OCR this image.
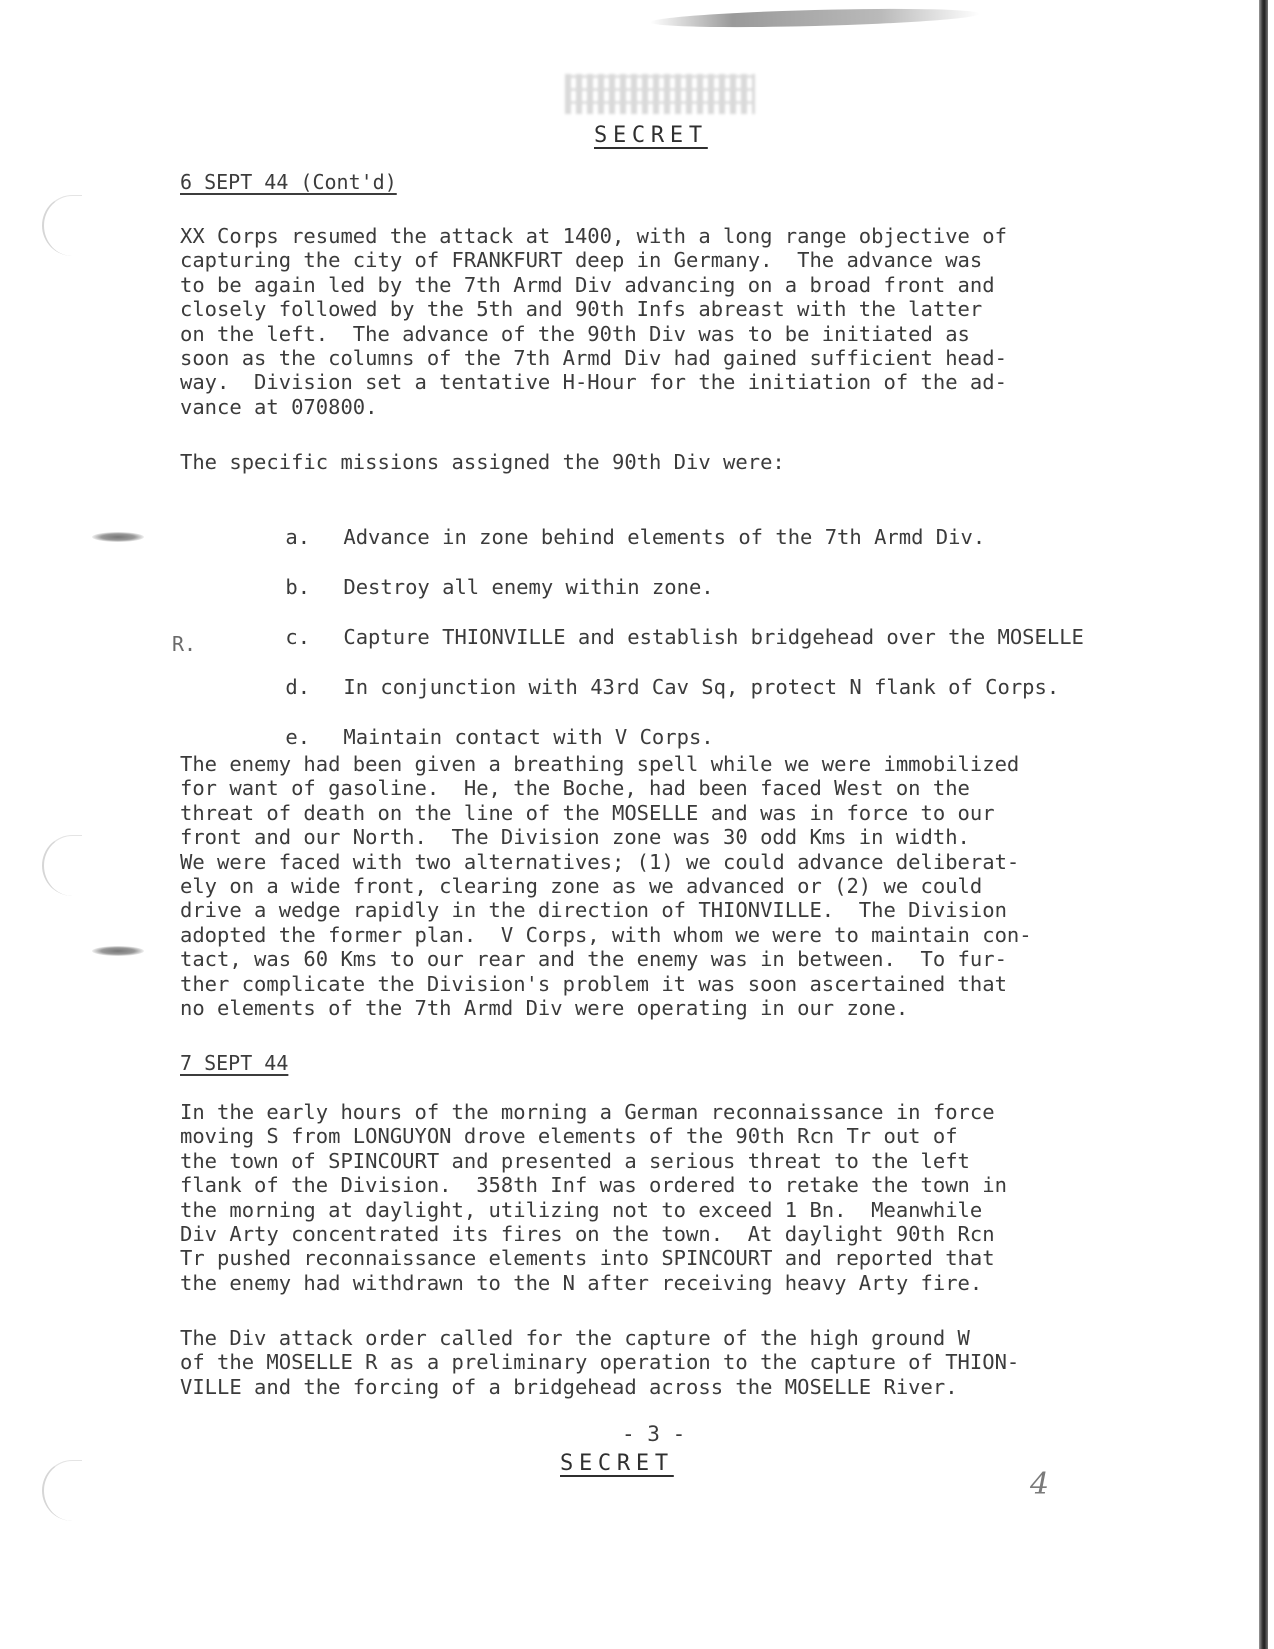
SECRET
6 SEPT 44 (Cont'd)
XX Corps resumed the attack at 1400, with a long range objective of
capturing the city of FRANKFURT deep in Germany.  The advance was
to be again led by the 7th Armd Div advancing on a broad front and
closely followed by the 5th and 90th Infs abreast with the latter
on the left.  The advance of the 90th Div was to be initiated as
soon as the columns of the 7th Armd Div had gained sufficient head-
way.  Division set a tentative H-Hour for the initiation of the ad-
vance at 070800.
The specific missions assigned the 90th Div were:

a. Advance in zone behind elements of the 7th Armd Div.

b. Destroy all enemy within zone.

c. Capture THIONVILLE and establish bridgehead over the MOSELLE

R.

d. In conjunction with 43rd Cav Sq, protect N flank of Corps.

e. Maintain contact with V Corps.

The enemy had been given a breathing spell while we were immobilized
for want of gasoline.  He, the Boche, had been faced West on the
threat of death on the line of the MOSELLE and was in force to our
front and our North.  The Division zone was 30 odd Kms in width.
We were faced with two alternatives; (1) we could advance deliberat-
ely on a wide front, clearing zone as we advanced or (2) we could
drive a wedge rapidly in the direction of THIONVILLE.  The Division
adopted the former plan.  V Corps, with whom we were to maintain con-
tact, was 60 Kms to our rear and the enemy was in between.  To fur-
ther complicate the Division's problem it was soon ascertained that
no elements of the 7th Armd Div were operating in our zone.
7 SEPT 44
In the early hours of the morning a German reconnaissance in force
moving S from LONGUYON drove elements of the 90th Rcn Tr out of
the town of SPINCOURT and presented a serious threat to the left
flank of the Division.  358th Inf was ordered to retake the town in
the morning at daylight, utilizing not to exceed 1 Bn.  Meanwhile
Div Arty concentrated its fires on the town.  At daylight 90th Rcn
Tr pushed reconnaissance elements into SPINCOURT and reported that
the enemy had withdrawn to the N after receiving heavy Arty fire.
The Div attack order called for the capture of the high ground W
of the MOSELLE R as a preliminary operation to the capture of THION-
VILLE and the forcing of a bridgehead across the MOSELLE River.
- 3 -
SECRET
4
